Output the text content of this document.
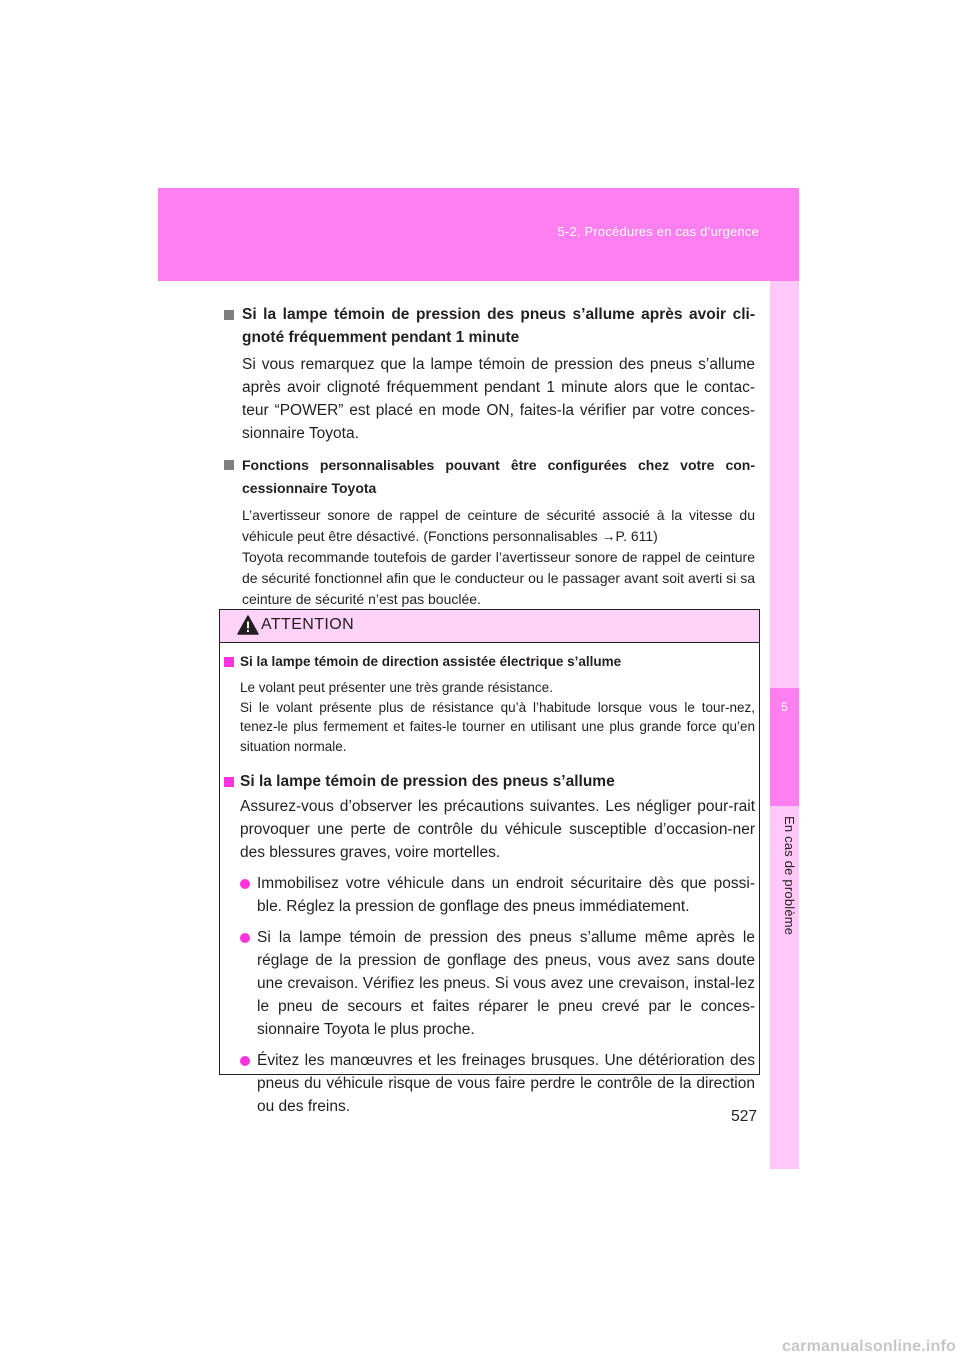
5-2. Procédures en cas d’urgence
5
En cas de problème
Si la lampe témoin de pression des pneus s’allume après avoir cli-gnoté fréquemment pendant 1 minute

Si vous remarquez que la lampe témoin de pression des pneus s’allume après avoir clignoté fréquemment pendant 1 minute alors que le contac-teur “POWER” est placé en mode ON, faites-la vérifier par votre conces-sionnaire Toyota.

Fonctions personnalisables pouvant être configurées chez votre con-cessionnaire Toyota

L’avertisseur sonore de rappel de ceinture de sécurité associé à la vitesse du véhicule peut être désactivé. (Fonctions personnalisables →P. 611)

Toyota recommande toutefois de garder l’avertisseur sonore de rappel de ceinture de sécurité fonctionnel afin que le conducteur ou le passager avant soit averti si sa ceinture de sécurité n’est pas bouclée.

ATTENTION
Si la lampe témoin de direction assistée électrique s’allume

Le volant peut présenter une très grande résistance.

Si le volant présente plus de résistance qu’à l’habitude lorsque vous le tour-nez, tenez-le plus fermement et faites-le tourner en utilisant une plus grande force qu’en situation normale.

Si la lampe témoin de pression des pneus s’allume

Assurez-vous d’observer les précautions suivantes. Les négliger pour-rait provoquer une perte de contrôle du véhicule susceptible d’occasion-ner des blessures graves, voire mortelles.

Immobilisez votre véhicule dans un endroit sécuritaire dès que possi-ble. Réglez la pression de gonflage des pneus immédiatement.
Si la lampe témoin de pression des pneus s’allume même après le réglage de la pression de gonflage des pneus, vous avez sans doute une crevaison. Vérifiez les pneus. Si vous avez une crevaison, instal-lez le pneu de secours et faites réparer le pneu crevé par le conces-sionnaire Toyota le plus proche.
Évitez les manœuvres et les freinages brusques. Une détérioration des pneus du véhicule risque de vous faire perdre le contrôle de la direction ou des freins.
527
carmanualsonline.info
